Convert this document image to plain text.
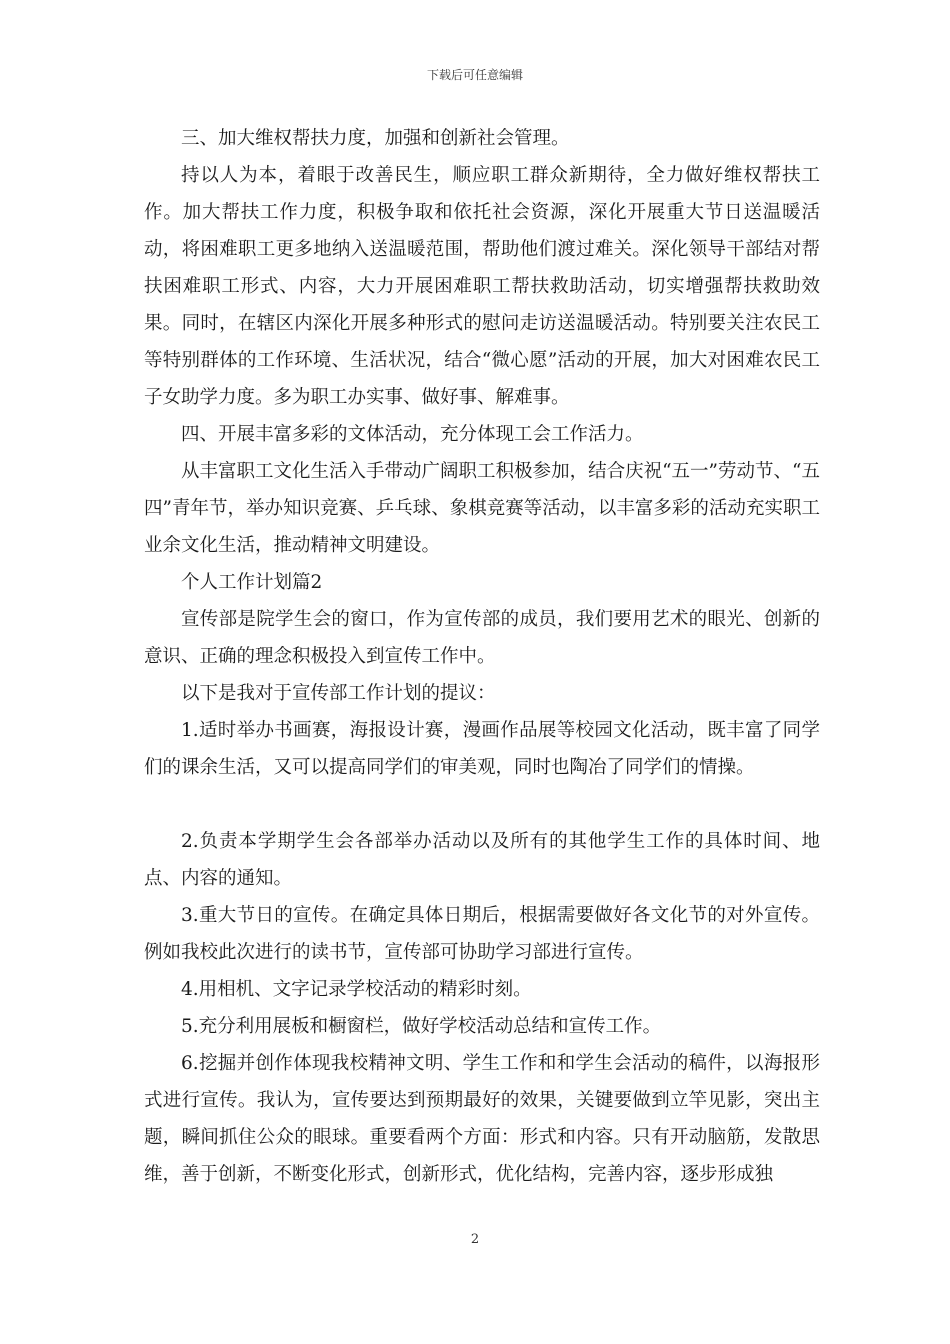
下载后可任意编辑

三、加大维权帮扶力度，加强和创新社会管理。

持以人为本，着眼于改善民生，顺应职工群众新期待，全力做好维权帮扶工作。加大帮扶工作力度，积极争取和依托社会资源，深化开展重大节日送温暖活动，将困难职工更多地纳入送温暖范围，帮助他们渡过难关。深化领导干部结对帮扶困难职工形式、内容，大力开展困难职工帮扶救助活动，切实增强帮扶救助效果。同时，在辖区内深化开展多种形式的慰问走访送温暖活动。特别要关注农民工等特别群体的工作环境、生活状况，结合“微心愿”活动的开展，加大对困难农民工子女助学力度。多为职工办实事、做好事、解难事。

四、开展丰富多彩的文体活动，充分体现工会工作活力。

从丰富职工文化生活入手带动广阔职工积极参加，结合庆祝“五一”劳动节、“五四”青年节，举办知识竞赛、乒乓球、象棋竞赛等活动，以丰富多彩的活动充实职工业余文化生活，推动精神文明建设。

个人工作计划篇2

宣传部是院学生会的窗口，作为宣传部的成员，我们要用艺术的眼光、创新的意识、正确的理念积极投入到宣传工作中。

以下是我对于宣传部工作计划的提议：

1.适时举办书画赛，海报设计赛，漫画作品展等校园文化活动，既丰富了同学们的课余生活，又可以提高同学们的审美观，同时也陶冶了同学们的情操。

2.负责本学期学生会各部举办活动以及所有的其他学生工作的具体时间、地点、内容的通知。

3.重大节日的宣传。在确定具体日期后，根据需要做好各文化节的对外宣传。例如我校此次进行的读书节，宣传部可协助学习部进行宣传。

4.用相机、文字记录学校活动的精彩时刻。

5.充分利用展板和橱窗栏，做好学校活动总结和宣传工作。

6.挖掘并创作体现我校精神文明、学生工作和和学生会活动的稿件，以海报形式进行宣传。我认为，宣传要达到预期最好的效果，关键要做到立竿见影，突出主题，瞬间抓住公众的眼球。重要看两个方面：形式和内容。只有开动脑筋，发散思维，善于创新，不断变化形式，创新形式，优化结构，完善内容，逐步形成独

2
